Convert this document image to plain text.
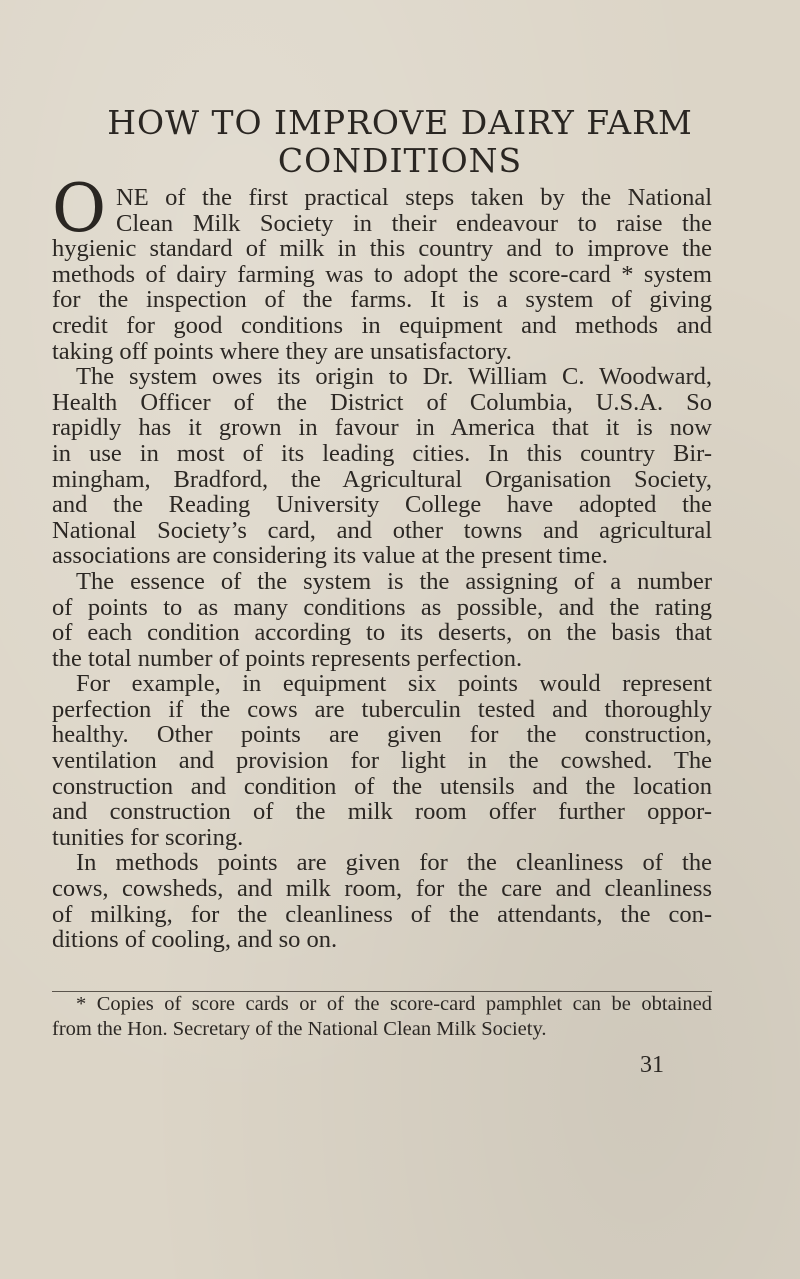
HOW TO IMPROVE DAIRY FARM
CONDITIONS
O NE of the first practical steps taken by the National
Clean Milk Society in their endeavour to raise the
hygienic standard of milk in this country and to improve the
methods of dairy farming was to adopt the score-card * system
for the inspection of the farms. It is a system of giving
credit for good conditions in equipment and methods and
taking off points where they are unsatisfactory.
The system owes its origin to Dr. William C. Woodward,
Health Officer of the District of Columbia, U.S.A. So
rapidly has it grown in favour in America that it is now
in use in most of its leading cities. In this country Bir-
mingham, Bradford, the Agricultural Organisation Society,
and the Reading University College have adopted the
National Society’s card, and other towns and agricultural
associations are considering its value at the present time.
The essence of the system is the assigning of a number
of points to as many conditions as possible, and the rating
of each condition according to its deserts, on the basis that
the total number of points represents perfection.
For example, in equipment six points would represent
perfection if the cows are tuberculin tested and thoroughly
healthy. Other points are given for the construction,
ventilation and provision for light in the cowshed. The
construction and condition of the utensils and the location
and construction of the milk room offer further oppor-
tunities for scoring.
In methods points are given for the cleanliness of the
cows, cowsheds, and milk room, for the care and cleanliness
of milking, for the cleanliness of the attendants, the con-
ditions of cooling, and so on.
* Copies of score cards or of the score-card pamphlet can be obtained
from the Hon. Secretary of the National Clean Milk Society.
31
